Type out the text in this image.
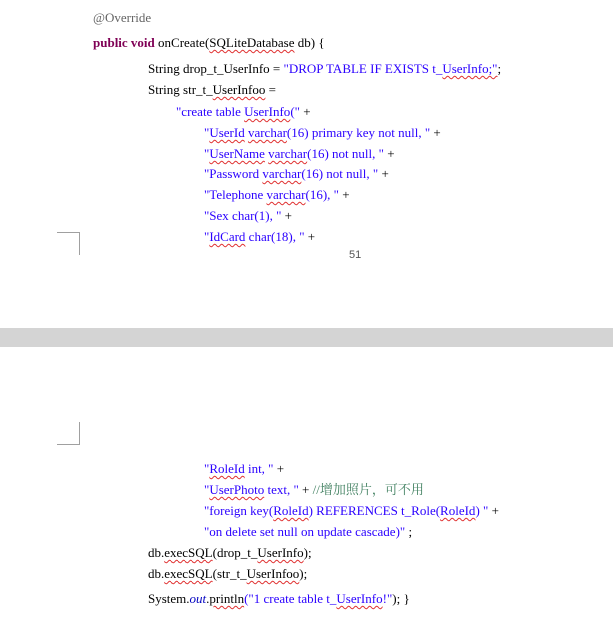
@Override

public void onCreate(SQLiteDatabase db) {

String drop_t_UserInfo = "DROP TABLE IF EXISTS t_UserInfo;";

String str_t_UserInfoo =

"create table UserInfo(" +

"UserId varchar(16) primary key not null, " +

"UserName varchar(16) not null, " +

"Password varchar(16) not null, " +

"Telephone varchar(16), " +

"Sex char(1), " +

"IdCard char(18), " +

51

"RoleId int, " +

"UserPhoto text, " + //增加照片，可不用

"foreign key(RoleId) REFERENCES t_Role(RoleId) " +

"on delete set null on update cascade)" ;

db.execSQL(drop_t_UserInfo);

db.execSQL(str_t_UserInfoo);

System.out.println("1 create table t_UserInfo!"); }
